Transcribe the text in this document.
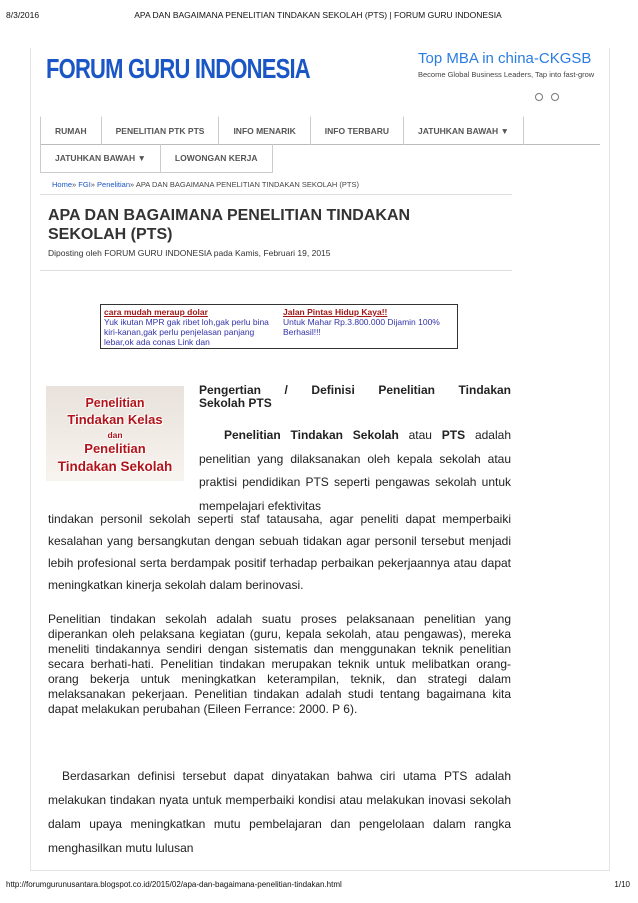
8/3/2016	APA DAN BAGAIMANA PENELITIAN TINDAKAN SEKOLAH (PTS) | FORUM GURU INDONESIA
FORUM GURU INDONESIA	Top MBA in china-CKGSB
Become Global Business Leaders, Tap into fast-grow
RUMAH	PENELITIAN PTK PTS	INFO MENARIK	INFO TERBARU	JATUHKAN BAWAH ▼
JATUHKAN BAWAH ▼	LOWONGAN KERJA
Home» FGI» Penelitian» APA DAN BAGAIMANA PENELITIAN TINDAKAN SEKOLAH (PTS)
APA DAN BAGAIMANA PENELITIAN TINDAKAN SEKOLAH (PTS)
Diposting oleh FORUM GURU INDONESIA pada Kamis, Februari 19, 2015
cara mudah meraup dolar
Yuk ikutan MPR gak ribet loh,gak perlu bina kiri-kanan,gak perlu penjelasan panjang lebar,ok ada conas Link dan
Jalan Pintas Hidup Kaya!!
Untuk Mahar Rp.3.800.000 Dijamin 100% Berhasil!!!
Penelitian
Tindakan Kelas
dan
Penelitian
Tindakan Sekolah
Pengertian / Definisi Penelitian Tindakan
Sekolah PTS
Penelitian Tindakan Sekolah atau PTS adalah penelitian yang dilaksanakan oleh kepala sekolah atau praktisi pendidikan PTS seperti pengawas sekolah untuk mempelajari efektivitas
tindakan personil sekolah seperti staf tatausaha, agar peneliti dapat memperbaiki kesalahan yang bersangkutan dengan sebuah tidakan agar personil tersebut menjadi lebih profesional serta berdampak positif terhadap perbaikan pekerjaannya atau dapat meningkatkan kinerja sekolah dalam berinovasi.
Penelitian tindakan sekolah adalah suatu proses pelaksanaan penelitian yang diperankan oleh pelaksana kegiatan (guru, kepala sekolah, atau pengawas), mereka meneliti tindakannya sendiri dengan sistematis dan menggunakan teknik penelitian secara berhati-hati. Penelitian tindakan merupakan teknik untuk melibatkan orang-orang bekerja untuk meningkatkan keterampilan, teknik, dan strategi dalam melaksanakan pekerjaan. Penelitian tindakan adalah studi tentang bagaimana kita dapat melakukan perubahan (Eileen Ferrance: 2000. P 6).
Berdasarkan definisi tersebut dapat dinyatakan bahwa ciri utama PTS adalah melakukan tindakan nyata untuk memperbaiki kondisi atau melakukan inovasi sekolah dalam upaya meningkatkan mutu pembelajaran dan pengelolaan dalam rangka menghasilkan mutu lulusan
http://forumgurunusantara.blogspot.co.id/2015/02/apa-dan-bagaimana-penelitian-tindakan.html	1/10
